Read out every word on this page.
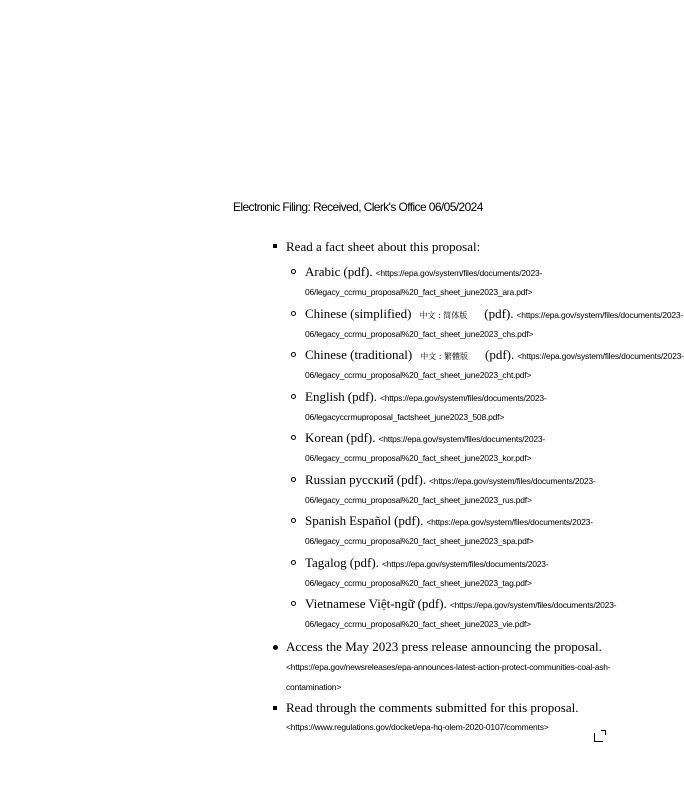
Electronic Filing: Received, Clerk's Office 06/05/2024
Read a fact sheet about this proposal:
Arabic (pdf). <https://epa.gov/system/files/documents/2023-
06/legacy_ccrmu_proposal%20_fact_sheet_june2023_ara.pdf>
Chinese (simplified) 中文 : 简体版 (pdf). <https://epa.gov/system/files/documents/2023-
06/legacy_ccrmu_proposal%20_fact_sheet_june2023_chs.pdf>
Chinese (traditional) 中文 : 繁體版 (pdf). <https://epa.gov/system/files/documents/2023-
06/legacy_ccrmu_proposal%20_fact_sheet_june2023_cht.pdf>
English (pdf). <https://epa.gov/system/files/documents/2023-
06/legacyccrmuproposal_factsheet_june2023_508.pdf>
Korean (pdf). <https://epa.gov/system/files/documents/2023-
06/legacy_ccrmu_proposal%20_fact_sheet_june2023_kor.pdf>
Russian русский (pdf). <https://epa.gov/system/files/documents/2023-
06/legacy_ccrmu_proposal%20_fact_sheet_june2023_rus.pdf>
Spanish Español (pdf). <https://epa.gov/system/files/documents/2023-
06/legacy_ccrmu_proposal%20_fact_sheet_june2023_spa.pdf>
Tagalog (pdf). <https://epa.gov/system/files/documents/2023-
06/legacy_ccrmu_proposal%20_fact_sheet_june2023_tag.pdf>
Vietnamese Việt-ngữ (pdf). <https://epa.gov/system/files/documents/2023-
06/legacy_ccrmu_proposal%20_fact_sheet_june2023_vie.pdf>
Access the May 2023 press release announcing the proposal.
<https://epa.gov/newsreleases/epa-announces-latest-action-protect-communities-coal-ash-
contamination>
Read through the comments submitted for this proposal.
<https://www.regulations.gov/docket/epa-hq-olem-2020-0107/comments>
